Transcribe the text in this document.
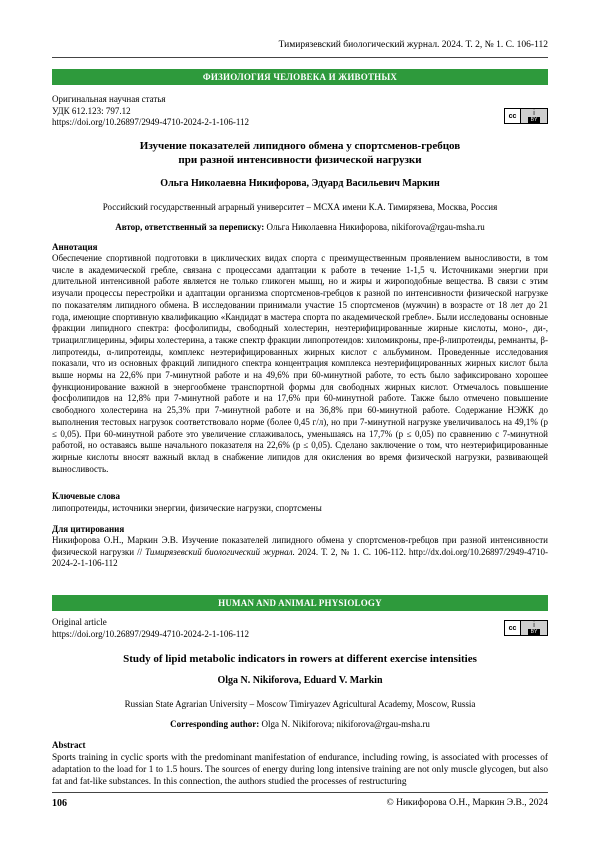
Тимирязевский биологический журнал. 2024. Т. 2, № 1. С. 106-112
ФИЗИОЛОГИЯ ЧЕЛОВЕКА И ЖИВОТНЫХ
Оригинальная научная статья
УДК 612.123: 797.12
https://doi.org/10.26897/2949-4710-2024-2-1-106-112
cc	i
BY
Изучение показателей липидного обмена у спортсменов-гребцов
при разной интенсивности физической нагрузки
Ольга Николаевна Никифорова, Эдуард Васильевич Маркин
Российский государственный аграрный университет – МСХА имени К.А. Тимирязева, Москва, Россия
Автор, ответственный за переписку: Ольга Николаевна Никифорова, nikiforova@rgau-msha.ru
Аннотация
Обеспечение спортивной подготовки в циклических видах спорта с преимущественным проявлением выносливости, в том числе в академической гребле, связана с процессами адаптации к работе в течение 1-1,5 ч. Источниками энергии при длительной интенсивной работе является не только гликоген мышц, но и жиры и жироподобные вещества. В связи с этим изучали процессы перестройки и адаптации организма спортсменов-гребцов к разной по интенсивности физической нагрузке по показателям липидного обмена. В исследовании принимали участие 15 спортсменов (мужчин) в возрасте от 18 лет до 21 года, имеющие спортивную квалификацию «Кандидат в мастера спорта по академической гребле». Были исследованы основные фракции липидного спектра: фосфолипиды, свободный холестерин, неэтерифицированные жирные кислоты, моно-, ди-, триацилглицерины, эфиры холестерина, а также спектр фракции липопротеидов: хиломикроны, пре-β-липротеиды, ремнанты, β-липротеиды, α-липротеиды, комплекс неэтерифицированных жирных кислот с альбумином. Проведенные исследования показали, что из основных фракций липидного спектра концентрация комплекса неэтерифицированных жирных кислот была выше нормы на 22,6% при 7-минутной работе и на 49,6% при 60-минутной работе, то есть было зафиксировано хорошее функционирование важной в энергообмене транспортной формы для свободных жирных кислот. Отмечалось повышение фосфолипидов на 12,8% при 7-минутной работе и на 17,6% при 60-минутной работе. Также было отмечено повышение свободного холестерина на 25,3% при 7-минутной работе и на 36,8% при 60-минутной работе. Содержание НЭЖК до выполнения тестовых нагрузок соответствовало норме (более 0,45 г/л), но при 7-минутной нагрузке увеличивалось на 49,1% (р ≤ 0,05). При 60-минутной работе это увеличение сглаживалось, уменьшаясь на 17,7% (р ≤ 0,05) по сравнению с 7-минутной работой, но оставаясь выше начального показателя на 22,6% (р ≤ 0,05). Сделано заключение о том, что неэтерифицированные жирные кислоты вносят важный вклад в снабжение липидов для окисления во время физической нагрузки, развивающей выносливость.
Ключевые слова
липопротеиды, источники энергии, физические нагрузки, спортсмены
Для цитирования
Никифорова О.Н., Маркин Э.В. Изучение показателей липидного обмена у спортсменов-гребцов при разной интенсивности физической нагрузки // Тимирязевский биологический журнал. 2024. Т. 2, № 1. С. 106-112. http://dx.doi.org/10.26897/2949-4710-2024-2-1-106-112
HUMAN AND ANIMAL PHYSIOLOGY
Original article
https://doi.org/10.26897/2949-4710-2024-2-1-106-112
cc	i
BY
Study of lipid metabolic indicators in rowers at different exercise intensities
Olga N. Nikiforova, Eduard V. Markin
Russian State Agrarian University – Moscow Timiryazev Agricultural Academy, Moscow, Russia
Corresponding author: Olga N. Nikiforova; nikiforova@rgau-msha.ru
Abstract
Sports training in cyclic sports with the predominant manifestation of endurance, including rowing, is associated with processes of adaptation to the load for 1 to 1.5 hours. The sources of energy during long intensive training are not only muscle glycogen, but also fat and fat-like substances. In this connection, the authors studied the processes of restructuring
106	© Никифорова О.Н., Маркин Э.В., 2024
